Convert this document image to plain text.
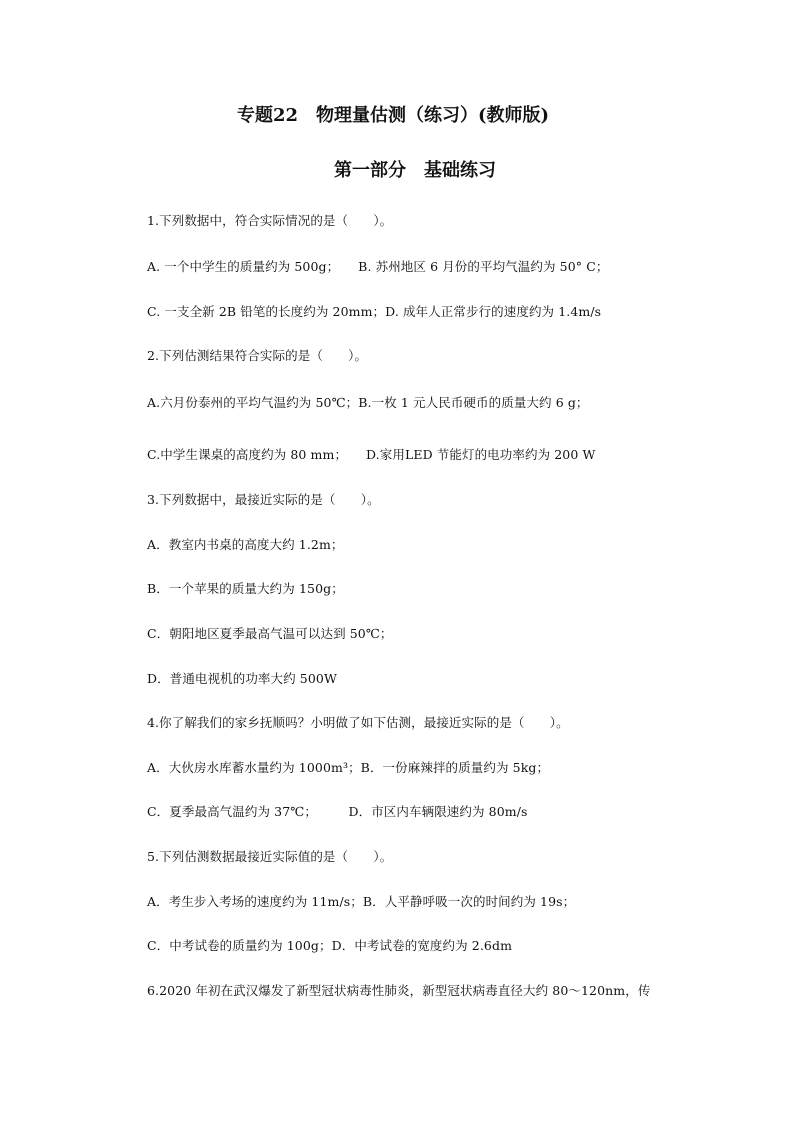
专题22　物理量估测（练习）(教师版)
第一部分　基础练习
1.下列数据中，符合实际情况的是（　　）。
A. 一个中学生的质量约为 500g；　　B. 苏州地区 6 月份的平均气温约为 50° C；
C. 一支全新 2B 铅笔的长度约为 20mm；D. 成年人正常步行的速度约为 1.4m/s
2.下列估测结果符合实际的是（　　）。
A.六月份泰州的平均气温约为 50℃；B.一枚 1 元人民币硬币的质量大约 6 g；
C.中学生课桌的高度约为 80 mm；　　D.家用LED 节能灯的电功率约为 200 W
3.下列数据中，最接近实际的是（　　）。
A．教室内书桌的高度大约 1.2m；
B．一个苹果的质量大约为 150g；
C．朝阳地区夏季最高气温可以达到 50℃；
D．普通电视机的功率大约 500W
4.你了解我们的家乡抚顺吗？小明做了如下估测，最接近实际的是（　　）。
A．大伙房水库蓄水量约为 1000m³；B．一份麻辣拌的质量约为 5kg；
C．夏季最高气温约为 37℃；　　　D．市区内车辆限速约为 80m/s
5.下列估测数据最接近实际值的是（　　）。
A．考生步入考场的速度约为 11m/s；B．人平静呼吸一次的时间约为 19s；
C．中考试卷的质量约为 100g；D．中考试卷的宽度约为 2.6dm
6.2020 年初在武汉爆发了新型冠状病毒性肺炎，新型冠状病毒直径大约 80～120nm，传
